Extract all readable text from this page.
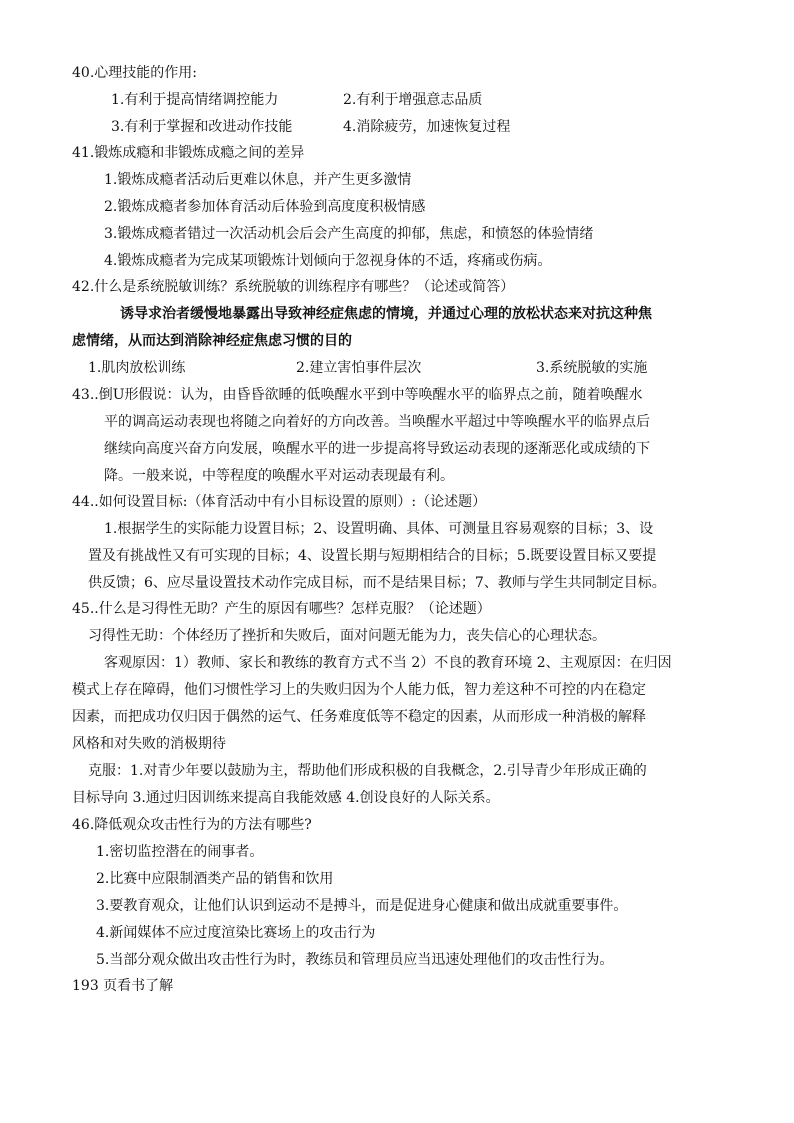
40.心理技能的作用:
1.有利于提高情绪调控能力	2.有利于增强意志品质
3.有利于掌握和改进动作技能	4.消除疲劳，加速恢复过程
41.锻炼成瘾和非锻炼成瘾之间的差异
1.锻炼成瘾者活动后更难以休息，并产生更多激情
2.锻炼成瘾者参加体育活动后体验到高度度积极情感
3.锻炼成瘾者错过一次活动机会后会产生高度的抑郁，焦虑，和愤怒的体验情绪
4.锻炼成瘾者为完成某项锻炼计划倾向于忽视身体的不适，疼痛或伤病。
42.什么是系统脱敏训练？系统脱敏的训练程序有哪些？（论述或简答）
诱导求治者缓慢地暴露出导致神经症焦虑的情境，并通过心理的放松状态来对抗这种焦
虑情绪，从而达到消除神经症焦虑习惯的目的
1.肌肉放松训练	2.建立害怕事件层次	3.系统脱敏的实施
43..倒U形假说：认为，由昏昏欲睡的低唤醒水平到中等唤醒水平的临界点之前，随着唤醒水
平的调高运动表现也将随之向着好的方向改善。当唤醒水平超过中等唤醒水平的临界点后
继续向高度兴奋方向发展，唤醒水平的进一步提高将导致运动表现的逐渐恶化或成绩的下
降。一般来说，中等程度的唤醒水平对运动表现最有利。
44..如何设置目标:（体育活动中有小目标设置的原则）:（论述题）
1.根据学生的实际能力设置目标；2、设置明确、具体、可测量且容易观察的目标；3、设
置及有挑战性又有可实现的目标；4、设置长期与短期相结合的目标；5.既要设置目标又要提
供反馈；6、应尽量设置技术动作完成目标，而不是结果目标；7、教师与学生共同制定目标。
45..什么是习得性无助？产生的原因有哪些？怎样克服？（论述题）
习得性无助：个体经历了挫折和失败后，面对问题无能为力，丧失信心的心理状态。
客观原因：1）教师、家长和教练的教育方式不当 2）不良的教育环境 2、主观原因：在归因
模式上存在障碍，他们习惯性学习上的失败归因为个人能力低，智力差这种不可控的内在稳定
因素，而把成功仅归因于偶然的运气、任务难度低等不稳定的因素，从而形成一种消极的解释
风格和对失败的消极期待
克服：1.对青少年要以鼓励为主，帮助他们形成积极的自我概念，2.引导青少年形成正确的
目标导向 3.通过归因训练来提高自我能效感 4.创设良好的人际关系。
46.降低观众攻击性行为的方法有哪些?
1.密切监控潜在的闹事者。
2.比赛中应限制酒类产品的销售和饮用
3.要教育观众，让他们认识到运动不是搏斗，而是促进身心健康和做出成就重要事件。
4.新闻媒体不应过度渲染比赛场上的攻击行为
5.当部分观众做出攻击性行为时，教练员和管理员应当迅速处理他们的攻击性行为。
193 页看书了解
